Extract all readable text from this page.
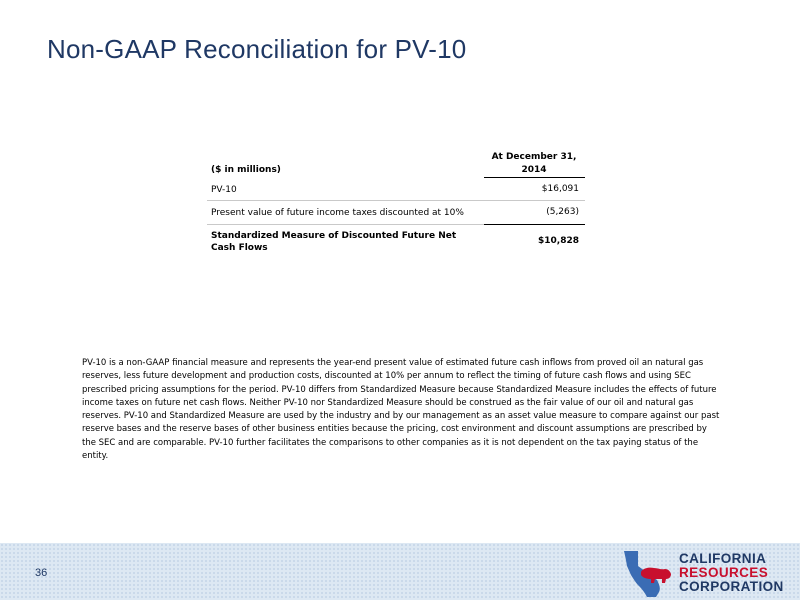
Non-GAAP Reconciliation for PV-10
($ in millions)
At December 31, 2014
PV-10	$16,091
Present value of future income taxes discounted at 10%	(5,263)
Standardized Measure of Discounted Future Net Cash Flows
$10,828
PV-10 is a non-GAAP financial measure and represents the year-end present value of estimated future cash inflows from proved oil an natural gas reserves, less future development and production costs, discounted at 10% per annum to reflect the timing of future cash flows and using SEC prescribed pricing assumptions for the period. PV-10 differs from Standardized Measure because Standardized Measure includes the effects of future income taxes on future net cash flows. Neither PV-10 nor Standardized Measure should be construed as the fair value of our oil and natural gas reserves. PV-10 and Standardized Measure are used by the industry and by our management as an asset value measure to compare against our past reserve bases and the reserve bases of other business entities because the pricing, cost environment and discount assumptions are prescribed by the SEC and are comparable. PV-10 further facilitates the comparisons to other companies as it is not dependent on the tax paying status of the entity.
36
CALIFORNIA
RESOURCES
CORPORATION
